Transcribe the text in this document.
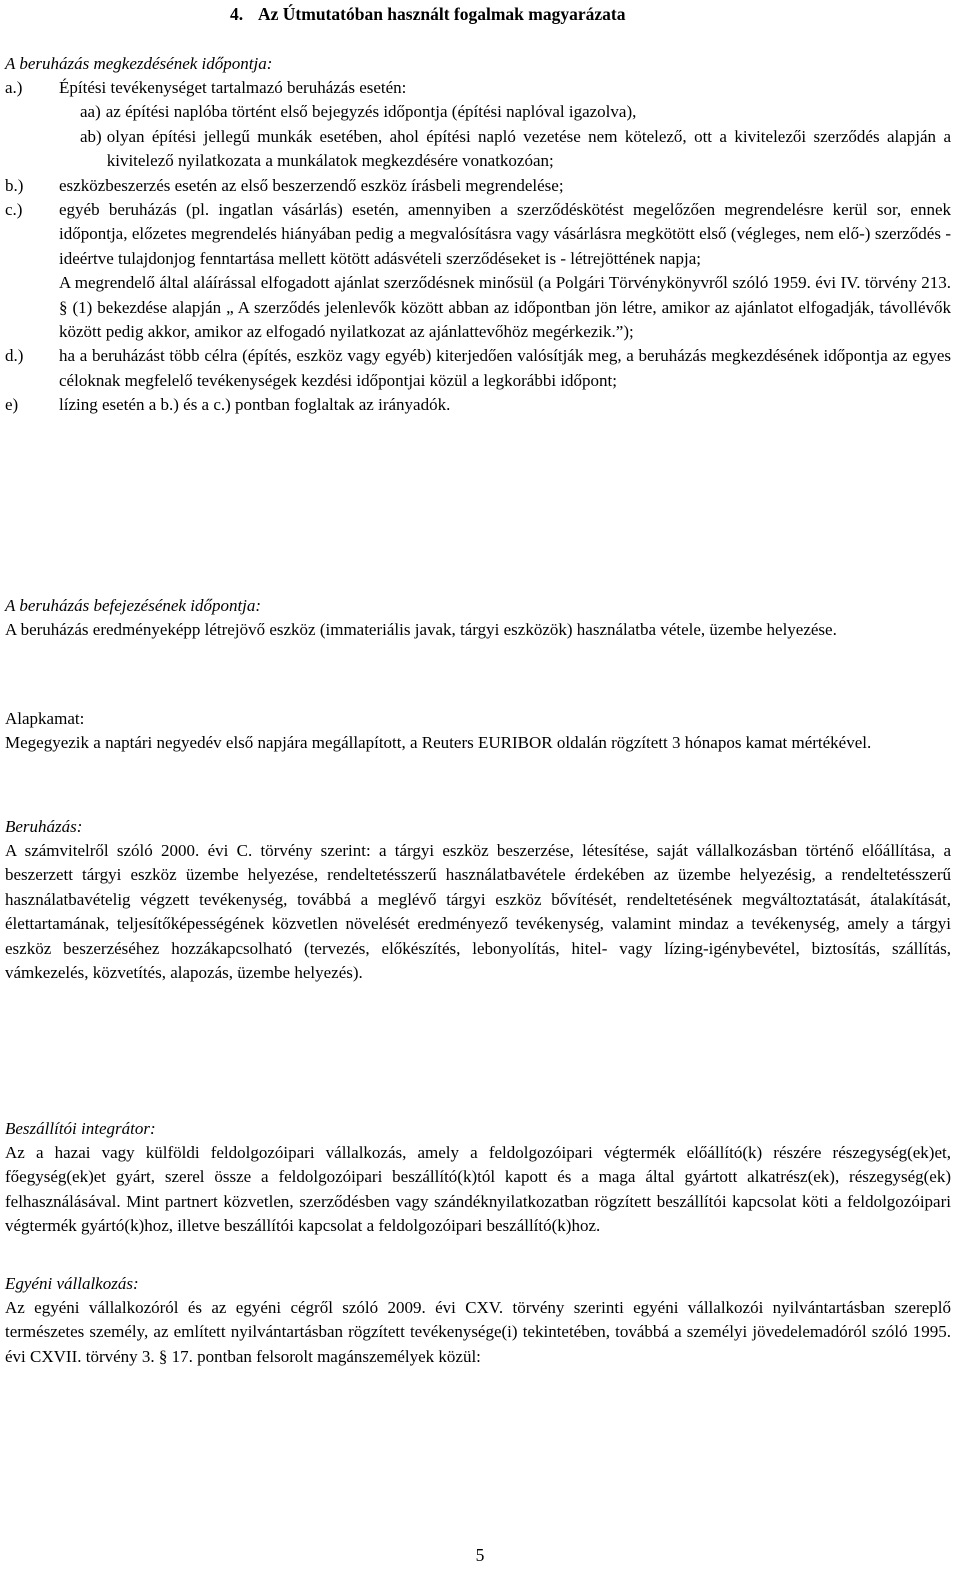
4. Az Útmutatóban használt fogalmak magyarázata
A beruházás megkezdésének időpontja:
a.)	Építési tevékenységet tartalmazó beruházás esetén:
aa) az építési naplóba történt első bejegyzés időpontja (építési naplóval igazolva),
ab) olyan építési jellegű munkák esetében, ahol építési napló vezetése nem kötelező, ott a kivitelezői szerződés alapján a kivitelező nyilatkozata a munkálatok megkezdésére vonatkozóan;
b.)	eszközbeszerzés esetén az első beszerzendő eszköz írásbeli megrendelése;
c.)	egyéb beruházás (pl. ingatlan vásárlás) esetén, amennyiben a szerződéskötést megelőzően megrendelésre kerül sor, ennek időpontja, előzetes megrendelés hiányában pedig a megvalósításra vagy vásárlásra megkötött első (végleges, nem elő-) szerződés - ideértve tulajdonjog fenntartása mellett kötött adásvételi szerződéseket is - létrejöttének napja;
A megrendelő által aláírással elfogadott ajánlat szerződésnek minősül (a Polgári Törvénykönyvről szóló 1959. évi IV. törvény 213. § (1) bekezdése alapján „ A szerződés jelenlevők között abban az időpontban jön létre, amikor az ajánlatot elfogadják, távollévők között pedig akkor, amikor az elfogadó nyilatkozat az ajánlattevőhöz megérkezik.”);
d.)	ha a beruházást több célra (építés, eszköz vagy egyéb) kiterjedően valósítják meg, a beruházás megkezdésének időpontja az egyes céloknak megfelelő tevékenységek kezdési időpontjai közül a legkorábbi időpont;
e)	lízing esetén a b.) és a c.) pontban foglaltak az irányadók.
A beruházás befejezésének időpontja:

A beruházás eredményeképp létrejövő eszköz (immateriális javak, tárgyi eszközök) használatba vétele, üzembe helyezése.

Alapkamat:

Megegyezik a naptári negyedév első napjára megállapított, a Reuters EURIBOR oldalán rögzített 3 hónapos kamat mértékével.

Beruházás:

A számvitelről szóló 2000. évi C. törvény szerint: a tárgyi eszköz beszerzése, létesítése, saját vállalkozásban történő előállítása, a beszerzett tárgyi eszköz üzembe helyezése, rendeltetésszerű használatbavétele érdekében az üzembe helyezésig, a rendeltetésszerű használatbavételig végzett tevékenység, továbbá a meglévő tárgyi eszköz bővítését, rendeltetésének megváltoztatását, átalakítását, élettartamának, teljesítőképességének közvetlen növelését eredményező tevékenység, valamint mindaz a tevékenység, amely a tárgyi eszköz beszerzéséhez hozzákapcsolható (tervezés, előkészítés, lebonyolítás, hitel- vagy lízing-igénybevétel, biztosítás, szállítás, vámkezelés, közvetítés, alapozás, üzembe helyezés).

Beszállítói integrátor:

Az a hazai vagy külföldi feldolgozóipari vállalkozás, amely a feldolgozóipari végtermék előállító(k) részére részegység(ek)et, főegység(ek)et gyárt, szerel össze a feldolgozóipari beszállító(k)tól kapott és a maga által gyártott alkatrész(ek), részegység(ek) felhasználásával. Mint partnert közvetlen, szerződésben vagy szándéknyilatkozatban rögzített beszállítói kapcsolat köti a feldolgozóipari végtermék gyártó(k)hoz, illetve beszállítói kapcsolat a feldolgozóipari beszállító(k)hoz.

Egyéni vállalkozás:

Az egyéni vállalkozóról és az egyéni cégről szóló 2009. évi CXV. törvény szerinti egyéni vállalkozói nyilvántartásban szereplő természetes személy, az említett nyilvántartásban rögzített tevékenysége(i) tekintetében, továbbá a személyi jövedelemadóról szóló 1995. évi CXVII. törvény 3. § 17. pontban felsorolt magánszemélyek közül:

5
